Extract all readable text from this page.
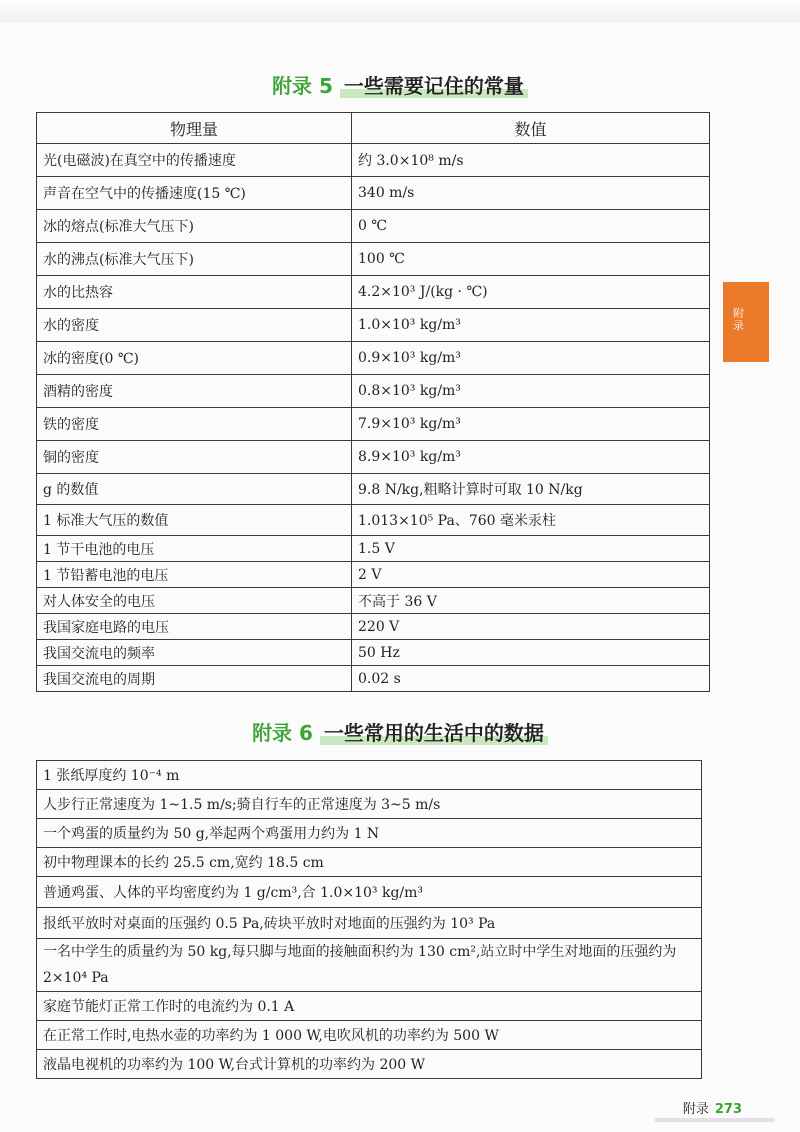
附录 5 一些需要记住的常量
物理量	数值
光(电磁波)在真空中的传播速度	约 3.0×10⁸ m/s
声音在空气中的传播速度(15 ℃)	340 m/s
冰的熔点(标准大气压下)	0 ℃
水的沸点(标准大气压下)	100 ℃
水的比热容	4.2×10³ J/(kg · ℃)
水的密度	1.0×10³ kg/m³
冰的密度(0 ℃)	0.9×10³ kg/m³
酒精的密度	0.8×10³ kg/m³
铁的密度	7.9×10³ kg/m³
铜的密度	8.9×10³ kg/m³
g 的数值	9.8 N/kg,粗略计算时可取 10 N/kg
1 标准大气压的数值	1.013×10⁵ Pa、760 毫米汞柱
1 节干电池的电压	1.5 V
1 节铅蓄电池的电压	2 V
对人体安全的电压	不高于 36 V
我国家庭电路的电压	220 V
我国交流电的频率	50 Hz
我国交流电的周期	0.02 s
附录 6 一些常用的生活中的数据
1 张纸厚度约 10⁻⁴ m
人步行正常速度为 1~1.5 m/s;骑自行车的正常速度为 3~5 m/s
一个鸡蛋的质量约为 50 g,举起两个鸡蛋用力约为 1 N
初中物理课本的长约 25.5 cm,宽约 18.5 cm
普通鸡蛋、人体的平均密度约为 1 g/cm³,合 1.0×10³ kg/m³
报纸平放时对桌面的压强约 0.5 Pa,砖块平放时对地面的压强约为 10³ Pa
一名中学生的质量约为 50 kg,每只脚与地面的接触面积约为 130 cm²,站立时中学生对地面的压强约为 2×10⁴ Pa
家庭节能灯正常工作时的电流约为 0.1 A
在正常工作时,电热水壶的功率约为 1 000 W,电吹风机的功率约为 500 W
液晶电视机的功率约为 100 W,台式计算机的功率约为 200 W
附录
附录 273
